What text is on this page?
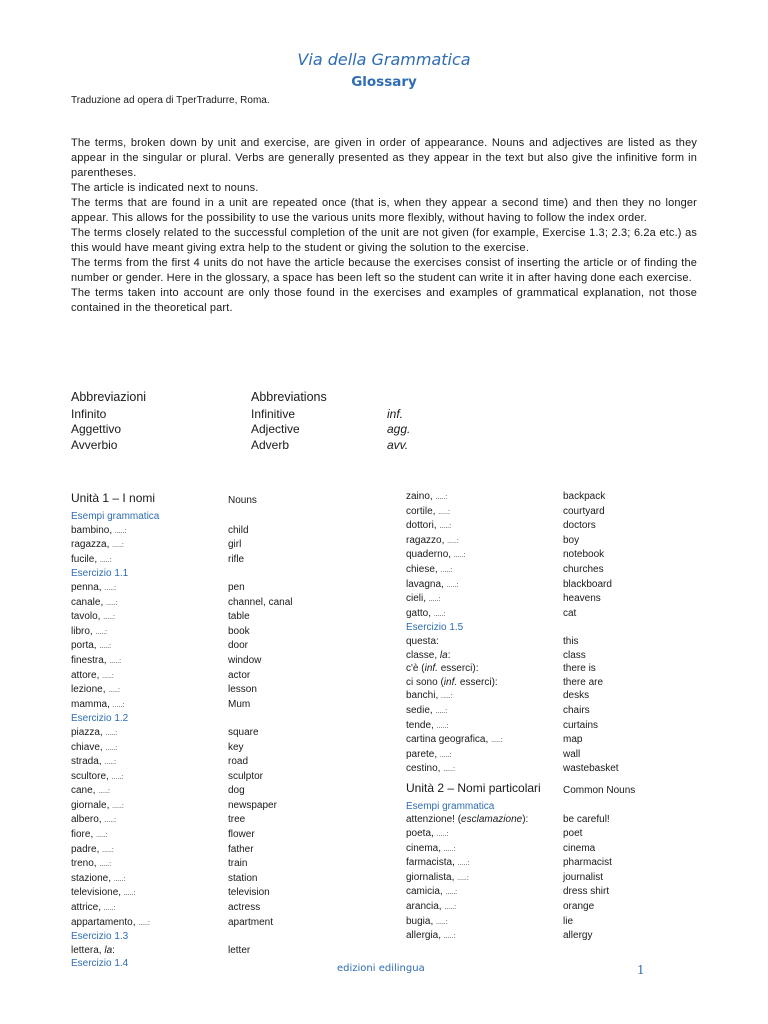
Via della Grammatica
Glossary
Traduzione ad opera di TperTradurre, Roma.

The terms, broken down by unit and exercise, are given in order of appearance. Nouns and adjectives are listed as they appear in the singular or plural. Verbs are generally presented as they appear in the text but also give the infinitive form in parentheses.

The article is indicated next to nouns.

The terms that are found in a unit are repeated once (that is, when they appear a second time) and then they no longer appear. This allows for the possibility to use the various units more flexibly, without having to follow the index order.

The terms closely related to the successful completion of the unit are not given (for example, Exercise 1.3; 2.3; 6.2a etc.) as this would have meant giving extra help to the student or giving the solution to the exercise.

The terms from the first 4 units do not have the article because the exercises consist of inserting the article or of finding the number or gender. Here in the glossary, a space has been left so the student can write it in after having done each exercise.

The terms taken into account are only those found in the exercises and examples of grammatical explanation, not those contained in the theoretical part.

Abbreviazioni	Abbreviations
Infinito	Infinitive	inf.
Aggettivo	Adjective	agg.
Avverbio	Adverb	avv.
Unità 1 – I nomi	Nouns
Esempi grammatica
bambino, .....:	child
ragazza, .....:	girl
fucile, .....:	rifle
Esercizio 1.1
penna, .....:	pen
canale, .....:	channel, canal
tavolo, .....:	table
libro, .....:	book
porta, .....:	door
finestra, .....:	window
attore, .....:	actor
lezione, .....:	lesson
mamma, .....:	Mum
Esercizio 1.2
piazza, .....:	square
chiave, .....:	key
strada, .....:	road
scultore, .....:	sculptor
cane, .....:	dog
giornale, .....:	newspaper
albero, .....:	tree
fiore, .....:	flower
padre, .....:	father
treno, .....:	train
stazione, .....:	station
televisione, .....:	television
attrice, .....:	actress
appartamento, .....:	apartment
Esercizio 1.3
lettera, la:	letter
Esercizio 1.4
zaino, .....:	backpack
cortile, .....:	courtyard
dottori, .....:	doctors
ragazzo, .....:	boy
quaderno, .....:	notebook
chiese, .....:	churches
lavagna, .....:	blackboard
cieli, .....:	heavens
gatto, .....:	cat
Esercizio 1.5
questa:	this
classe, la:	class
c'è (inf. esserci):	there is
ci sono (inf. esserci):	there are
banchi, .....:	desks
sedie, .....:	chairs
tende, .....:	curtains
cartina geografica, .....:	map
parete, .....:	wall
cestino, .....:	wastebasket
Unità 2 – Nomi particolari	Common Nouns
Esempi grammatica
attenzione! (esclamazione):	be careful!
poeta, .....:	poet
cinema, .....:	cinema
farmacista, .....:	pharmacist
giornalista, .....:	journalist
camicia, .....:	dress shirt
arancia, .....:	orange
bugia, .....:	lie
allergia, .....:	allergy
edizioni edilingua	1
